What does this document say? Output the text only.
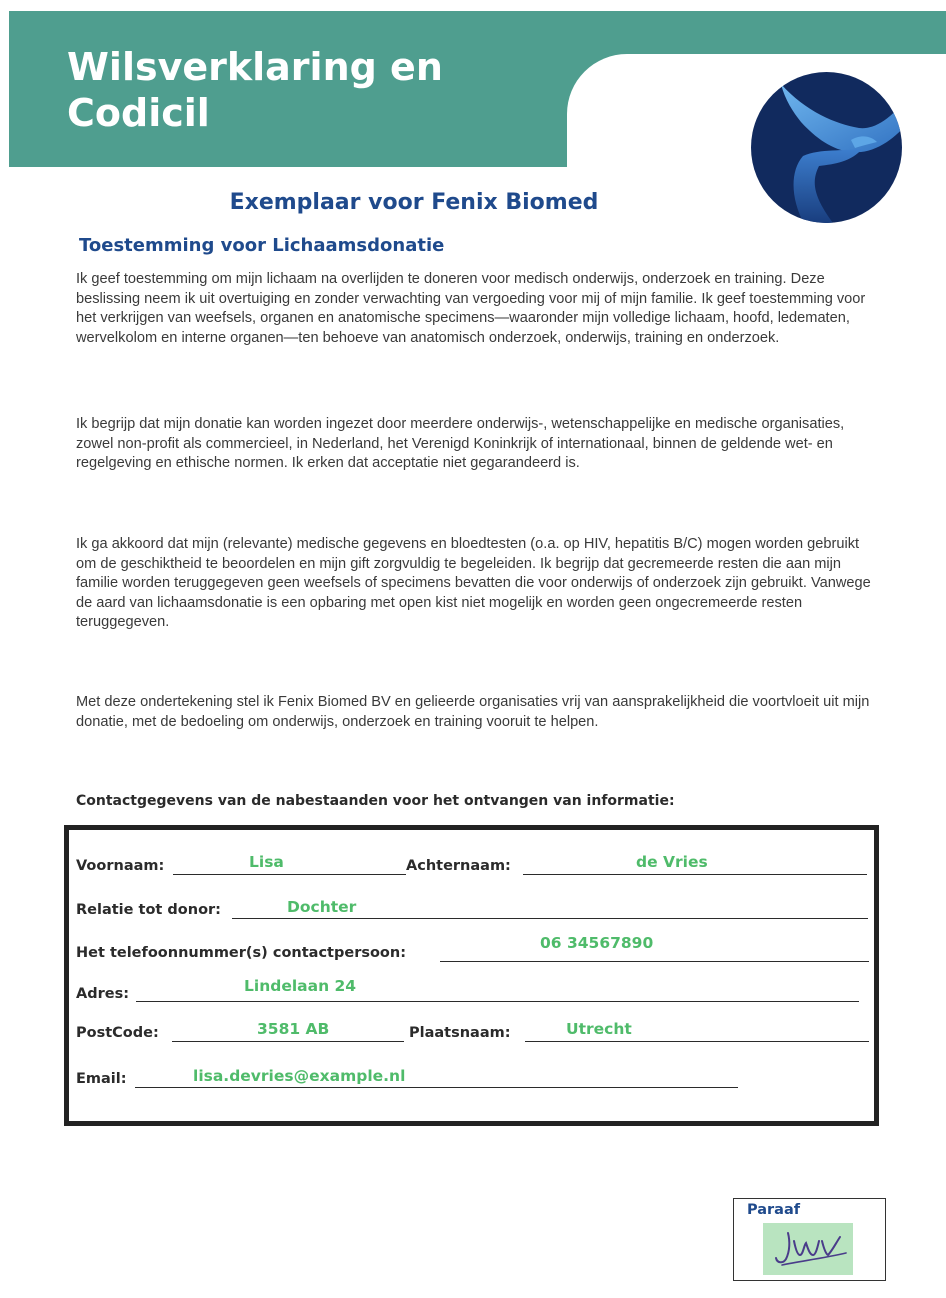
Wilsverklaring en
Codicil
Exemplaar voor Fenix Biomed
Toestemming voor Lichaamsdonatie
Ik geef toestemming om mijn lichaam na overlijden te doneren voor medisch onderwijs, onderzoek en training. Deze beslissing neem ik uit overtuiging en zonder verwachting van vergoeding voor mij of mijn familie. Ik geef toestemming voor het verkrijgen van weefsels, organen en anatomische specimens—waaronder mijn volledige lichaam, hoofd, ledematen, wervelkolom en interne organen—ten behoeve van anatomisch onderzoek, onderwijs, training en onderzoek.
Ik begrijp dat mijn donatie kan worden ingezet door meerdere onderwijs-, wetenschappelijke en medische organisaties, zowel non-profit als commercieel, in Nederland, het Verenigd Koninkrijk of internationaal, binnen de geldende wet- en regelgeving en ethische normen. Ik erken dat acceptatie niet gegarandeerd is.
Ik ga akkoord dat mijn (relevante) medische gegevens en bloedtesten (o.a. op HIV, hepatitis B/C) mogen worden gebruikt om de geschiktheid te beoordelen en mijn gift zorgvuldig te begeleiden. Ik begrijp dat gecremeerde resten die aan mijn familie worden teruggegeven geen weefsels of specimens bevatten die voor onderwijs of onderzoek zijn gebruikt. Vanwege de aard van lichaamsdonatie is een opbaring met open kist niet mogelijk en worden geen ongecremeerde resten teruggegeven.
Met deze ondertekening stel ik Fenix Biomed BV en gelieerde organisaties vrij van aansprakelijkheid die voortvloeit uit mijn donatie, met de bedoeling om onderwijs, onderzoek en training vooruit te helpen.
Contactgegevens van de nabestaanden voor het ontvangen van informatie:
Voornaam:	Lisa	Achternaam:	de Vries
Relatie tot donor:	Dochter
Het telefoonnummer(s) contactpersoon:
06 34567890
Adres:	Lindelaan 24
PostCode:	3581 AB	Plaatsnaam:	Utrecht
Email:	lisa.devries@example.nl
Paraaf
